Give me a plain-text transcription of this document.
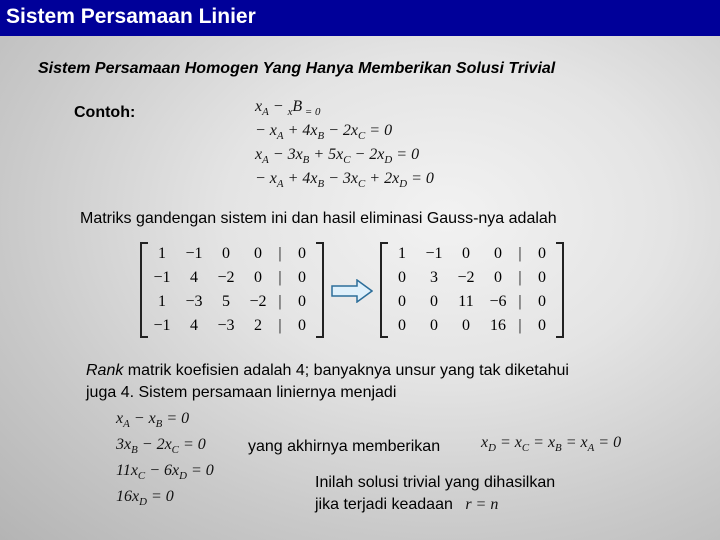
Sistem Persamaan Linier
Sistem Persamaan Homogen Yang Hanya Memberikan Solusi Trivial
Contoh:	$x_A - _xB$ $_{= 0}$
− $x_A + 4x_B - 2x_C = 0$
$x_A - 3x_B + 5x_C - 2x_D = 0$
− $x_A + 4x_B - 3x_C + 2x_D = 0$
Matriks gandengan sistem ini dan hasil eliminasi Gauss-nya adalah
1	−1	0	0	|	0
−1	4	−2	0	|	0
1	−3	5	−2	|	0
−1	4	−3	2	|	0
1	−1	0	0	|	0
0	3	−2	0	|	0
0	0	11	−6	|	0
0	0	0	16	|	0
Rank matrik koefisien adalah 4; banyaknya unsur yang tak diketahui
juga 4. Sistem persamaan liniernya menjadi
$x_A - x_B = 0$
$3x_B - 2x_C = 0$
$11x_C - 6x_D = 0$
$16x_D = 0$
yang akhirnya memberikan	$x_D = x_C = x_B = x_A = 0$
Inilah solusi trivial yang dihasilkan
jika terjadi keadaan r = n
